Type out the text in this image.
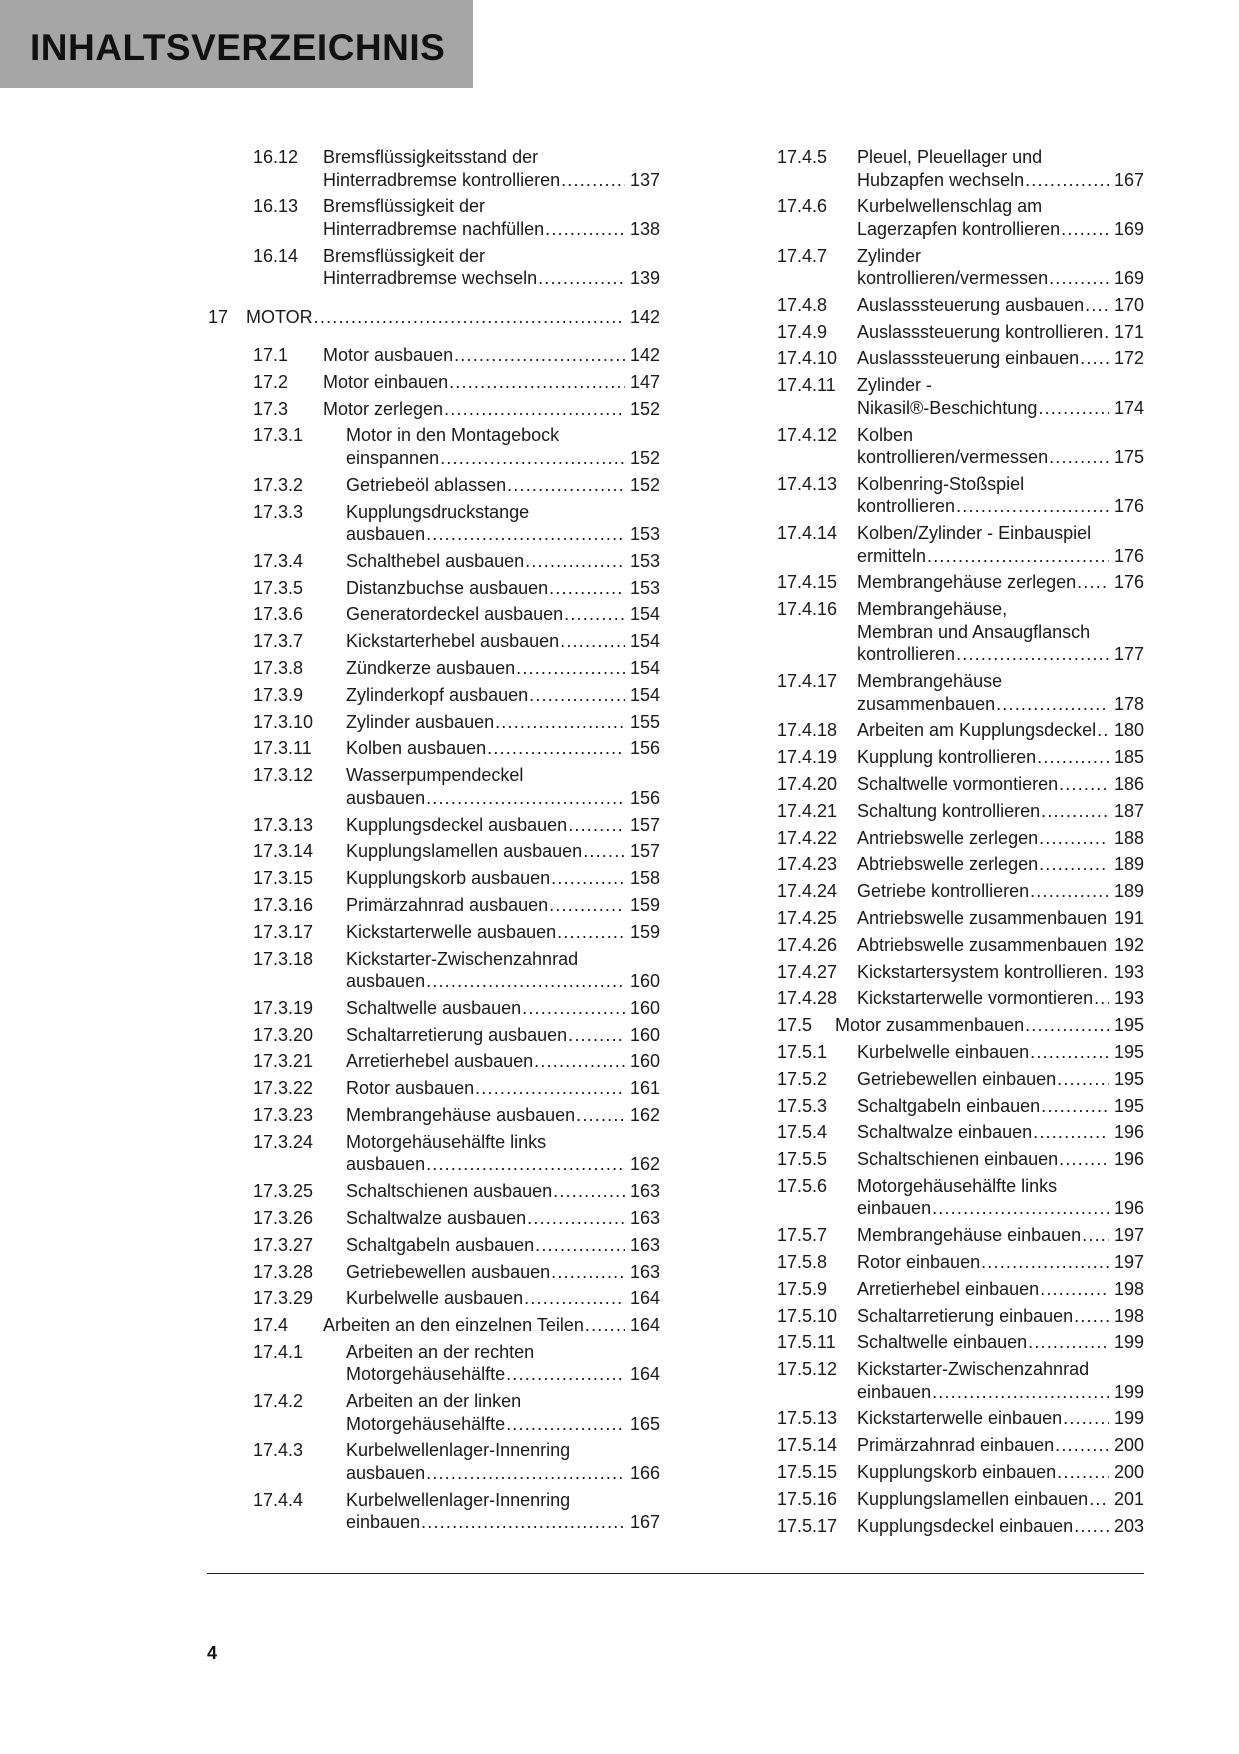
INHALTSVERZEICHNIS
16.12 Bremsflüssigkeitsstand der
Hinterradbremse kontrollieren .....	137
16.13 Bremsflüssigkeit der
Hinterradbremse nachfüllen .....	138
16.14 Bremsflüssigkeit der
Hinterradbremse wechseln .....	139
17 MOTOR .....	142
17.1 Motor ausbauen .....	142
17.2 Motor einbauen .....	147
17.3 Motor zerlegen .....	152
17.3.1 Motor in den Montagebock
einspannen .....	152
17.3.2 Getriebeöl ablassen .....	152
17.3.3 Kupplungsdruckstange
ausbauen .....	153
17.3.4 Schalthebel ausbauen .....	153
17.3.5 Distanzbuchse ausbauen .....	153
17.3.6 Generatordeckel ausbauen .....	154
17.3.7 Kickstarterhebel ausbauen .....	154
17.3.8 Zündkerze ausbauen .....	154
17.3.9 Zylinderkopf ausbauen .....	154
17.3.10 Zylinder ausbauen .....	155
17.3.11 Kolben ausbauen .....	156
17.3.12 Wasserpumpendeckel
ausbauen .....	156
17.3.13 Kupplungsdeckel ausbauen .....	157
17.3.14 Kupplungslamellen ausbauen .....	157
17.3.15 Kupplungskorb ausbauen .....	158
17.3.16 Primärzahnrad ausbauen .....	159
17.3.17 Kickstarterwelle ausbauen .....	159
17.3.18 Kickstarter-Zwischenzahnrad
ausbauen .....	160
17.3.19 Schaltwelle ausbauen .....	160
17.3.20 Schaltarretierung ausbauen .....	160
17.3.21 Arretierhebel ausbauen .....	160
17.3.22 Rotor ausbauen .....	161
17.3.23 Membrangehäuse ausbauen .....	162
17.3.24 Motorgehäusehälfte links
ausbauen .....	162
17.3.25 Schaltschienen ausbauen .....	163
17.3.26 Schaltwalze ausbauen .....	163
17.3.27 Schaltgabeln ausbauen .....	163
17.3.28 Getriebewellen ausbauen .....	163
17.3.29 Kurbelwelle ausbauen .....	164
17.4 Arbeiten an den einzelnen Teilen .....	164
17.4.1 Arbeiten an der rechten
Motorgehäusehälfte .....	164
17.4.2 Arbeiten an der linken
Motorgehäusehälfte .....	165
17.4.3 Kurbelwellenlager-Innenring
ausbauen .....	166
17.4.4 Kurbelwellenlager-Innenring
einbauen .....	167
17.4.5 Pleuel, Pleuellager und
Hubzapfen wechseln .....	167
17.4.6 Kurbelwellenschlag am
Lagerzapfen kontrollieren .....	169
17.4.7 Zylinder
kontrollieren/vermessen .....	169
17.4.8 Auslasssteuerung ausbauen ..... 170
17.4.9 Auslasssteuerung kontrollieren ..... 171
17.4.10 Auslasssteuerung einbauen ..... 172
17.4.11 Zylinder -
Nikasil®-Beschichtung .....	174
17.4.12 Kolben
kontrollieren/vermessen .....	175
17.4.13 Kolbenring-Stoßspiel
kontrollieren .....	176
17.4.14 Kolben/Zylinder - Einbauspiel
ermitteln .....	176
17.4.15 Membrangehäuse zerlegen ..... 176
17.4.16 Membrangehäuse,
Membran und Ansaugflansch
kontrollieren .....	177
17.4.17 Membrangehäuse
zusammenbauen .....	178
17.4.18 Arbeiten am Kupplungsdeckel ..... 180
17.4.19 Kupplung kontrollieren .....	185
17.4.20 Schaltwelle vormontieren .....	186
17.4.21 Schaltung kontrollieren .....	187
17.4.22 Antriebswelle zerlegen .....	188
17.4.23 Abtriebswelle zerlegen .....	189
17.4.24 Getriebe kontrollieren .....	189
17.4.25 Antriebswelle zusammenbauen ..... 191
17.4.26 Abtriebswelle zusammenbauen ..... 192
17.4.27 Kickstartersystem kontrollieren ..... 193
17.4.28 Kickstarterwelle vormontieren ..... 193
17.5 Motor zusammenbauen .....	195
17.5.1 Kurbelwelle einbauen .....	195
17.5.2 Getriebewellen einbauen .....	195
17.5.3 Schaltgabeln einbauen .....	195
17.5.4 Schaltwalze einbauen .....	196
17.5.5 Schaltschienen einbauen .....	196
17.5.6 Motorgehäusehälfte links
einbauen .....	196
17.5.7 Membrangehäuse einbauen ..... 197
17.5.8 Rotor einbauen .....	197
17.5.9 Arretierhebel einbauen .....	198
17.5.10 Schaltarretierung einbauen ..... 198
17.5.11 Schaltwelle einbauen .....	199
17.5.12 Kickstarter-Zwischenzahnrad
einbauen .....	199
17.5.13 Kickstarterwelle einbauen .....	199
17.5.14 Primärzahnrad einbauen .....	200
17.5.15 Kupplungskorb einbauen .....	200
17.5.16 Kupplungslamellen einbauen ..... 201
17.5.17 Kupplungsdeckel einbauen ..... 203
4
